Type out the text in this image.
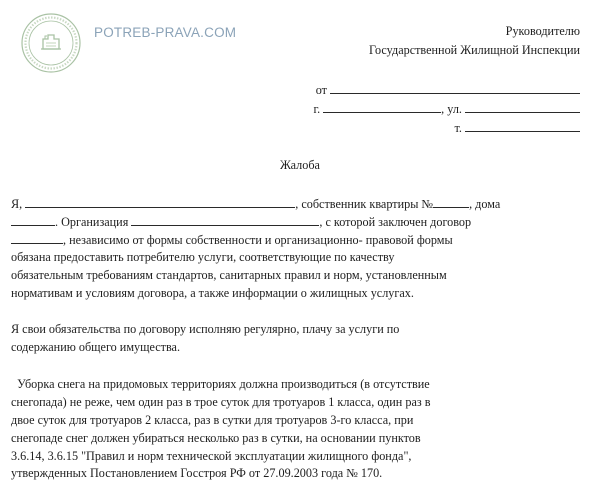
POTREB-PRAVA.COM	Руководителю
Государственной Жилищной Инспекции
от
г.	, ул.
т.
Жалоба
Я,	, собственник квартиры №	, дома
. Организация	, с которой заключен договор
, независимо от формы собственности и организационно- правовой формы
обязана предоставить потребителю услуги, соответствующие по качеству
обязательным требованиям стандартов, санитарных правил и норм, установленным
нормативам и условиям договора, а также информации о жилищных услугах.
Я свои обязательства по договору исполняю регулярно, плачу за услуги по
содержанию общего имущества.
Уборка снега на придомовых территориях должна производиться (в отсутствие
снегопада) не реже, чем один раз в трое суток для тротуаров 1 класса, один раз в
двое суток для тротуаров 2 класса, раз в сутки для тротуаров 3-го класса, при
снегопаде снег должен убираться несколько раз в сутки, на основании пунктов
3.6.14, 3.6.15 "Правил и норм технической эксплуатации жилищного фонда",
утвержденных Постановлением Госстроя РФ от 27.09.2003 года № 170.
